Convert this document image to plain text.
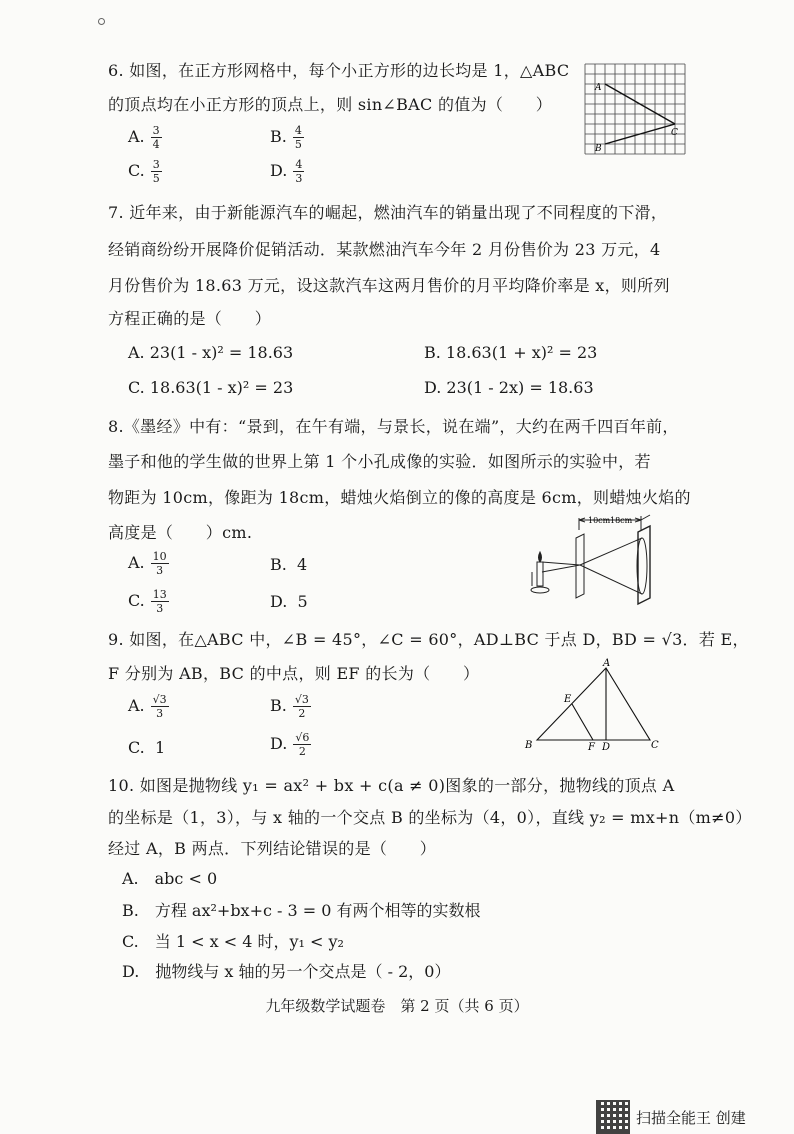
6. 如图，在正方形网格中，每个小正方形的边长均是 1，△ABC
的顶点均在小正方形的顶点上，则 sin∠BAC 的值为（　　）
A. $\frac{3}{4}$	B. $\frac{4}{5}$
C. $\frac{3}{5}$	D. $\frac{4}{3}$
A
B
C
7. 近年来，由于新能源汽车的崛起，燃油汽车的销量出现了不同程度的下滑，
经销商纷纷开展降价促销活动．某款燃油汽车今年 2 月份售价为 23 万元，4
月份售价为 18.63 万元，设这款汽车这两月售价的月平均降价率是 x，则所列
方程正确的是（　　）
A. 23(1 - x)² = 18.63	B. 18.63(1 + x)² = 23
C. 18.63(1 - x)² = 23	D. 23(1 - 2x) = 18.63
8.《墨经》中有：“景到，在午有端，与景长，说在端”，大约在两千四百年前，
墨子和他的学生做的世界上第 1 个小孔成像的实验．如图所示的实验中，若
物距为 10cm，像距为 18cm，蜡烛火焰倒立的像的高度是 6cm，则蜡烛火焰的
高度是（　　）cm.
A. $\frac{10}{3}$	B. 4
C. $\frac{13}{3}$	D. 5
10cm 18cm
9. 如图，在△ABC 中，∠B = 45°，∠C = 60°，AD⊥BC 于点 D，BD = √3．若 E，
F 分别为 AB，BC 的中点，则 EF 的长为（　　）
A. $\frac{√3}{3}$	B. $\frac{√3}{2}$
C. 1	D. $\frac{√6}{2}$
A
B	C
D
E
F
10. 如图是抛物线 y₁ = ax² + bx + c(a ≠ 0)图象的一部分，抛物线的顶点 A
的坐标是（1，3），与 x 轴的一个交点 B 的坐标为（4，0），直线 y₂ = mx+n（m≠0）
经过 A，B 两点．下列结论错误的是（　　）
A.　abc < 0
B.　方程 ax²+bx+c - 3 = 0 有两个相等的实数根
C.　当 1 < x < 4 时，y₁ < y₂
D.　抛物线与 x 轴的另一个交点是（ - 2，0）
九年级数学试题卷　第 2 页（共 6 页）
扫描全能王 创建
